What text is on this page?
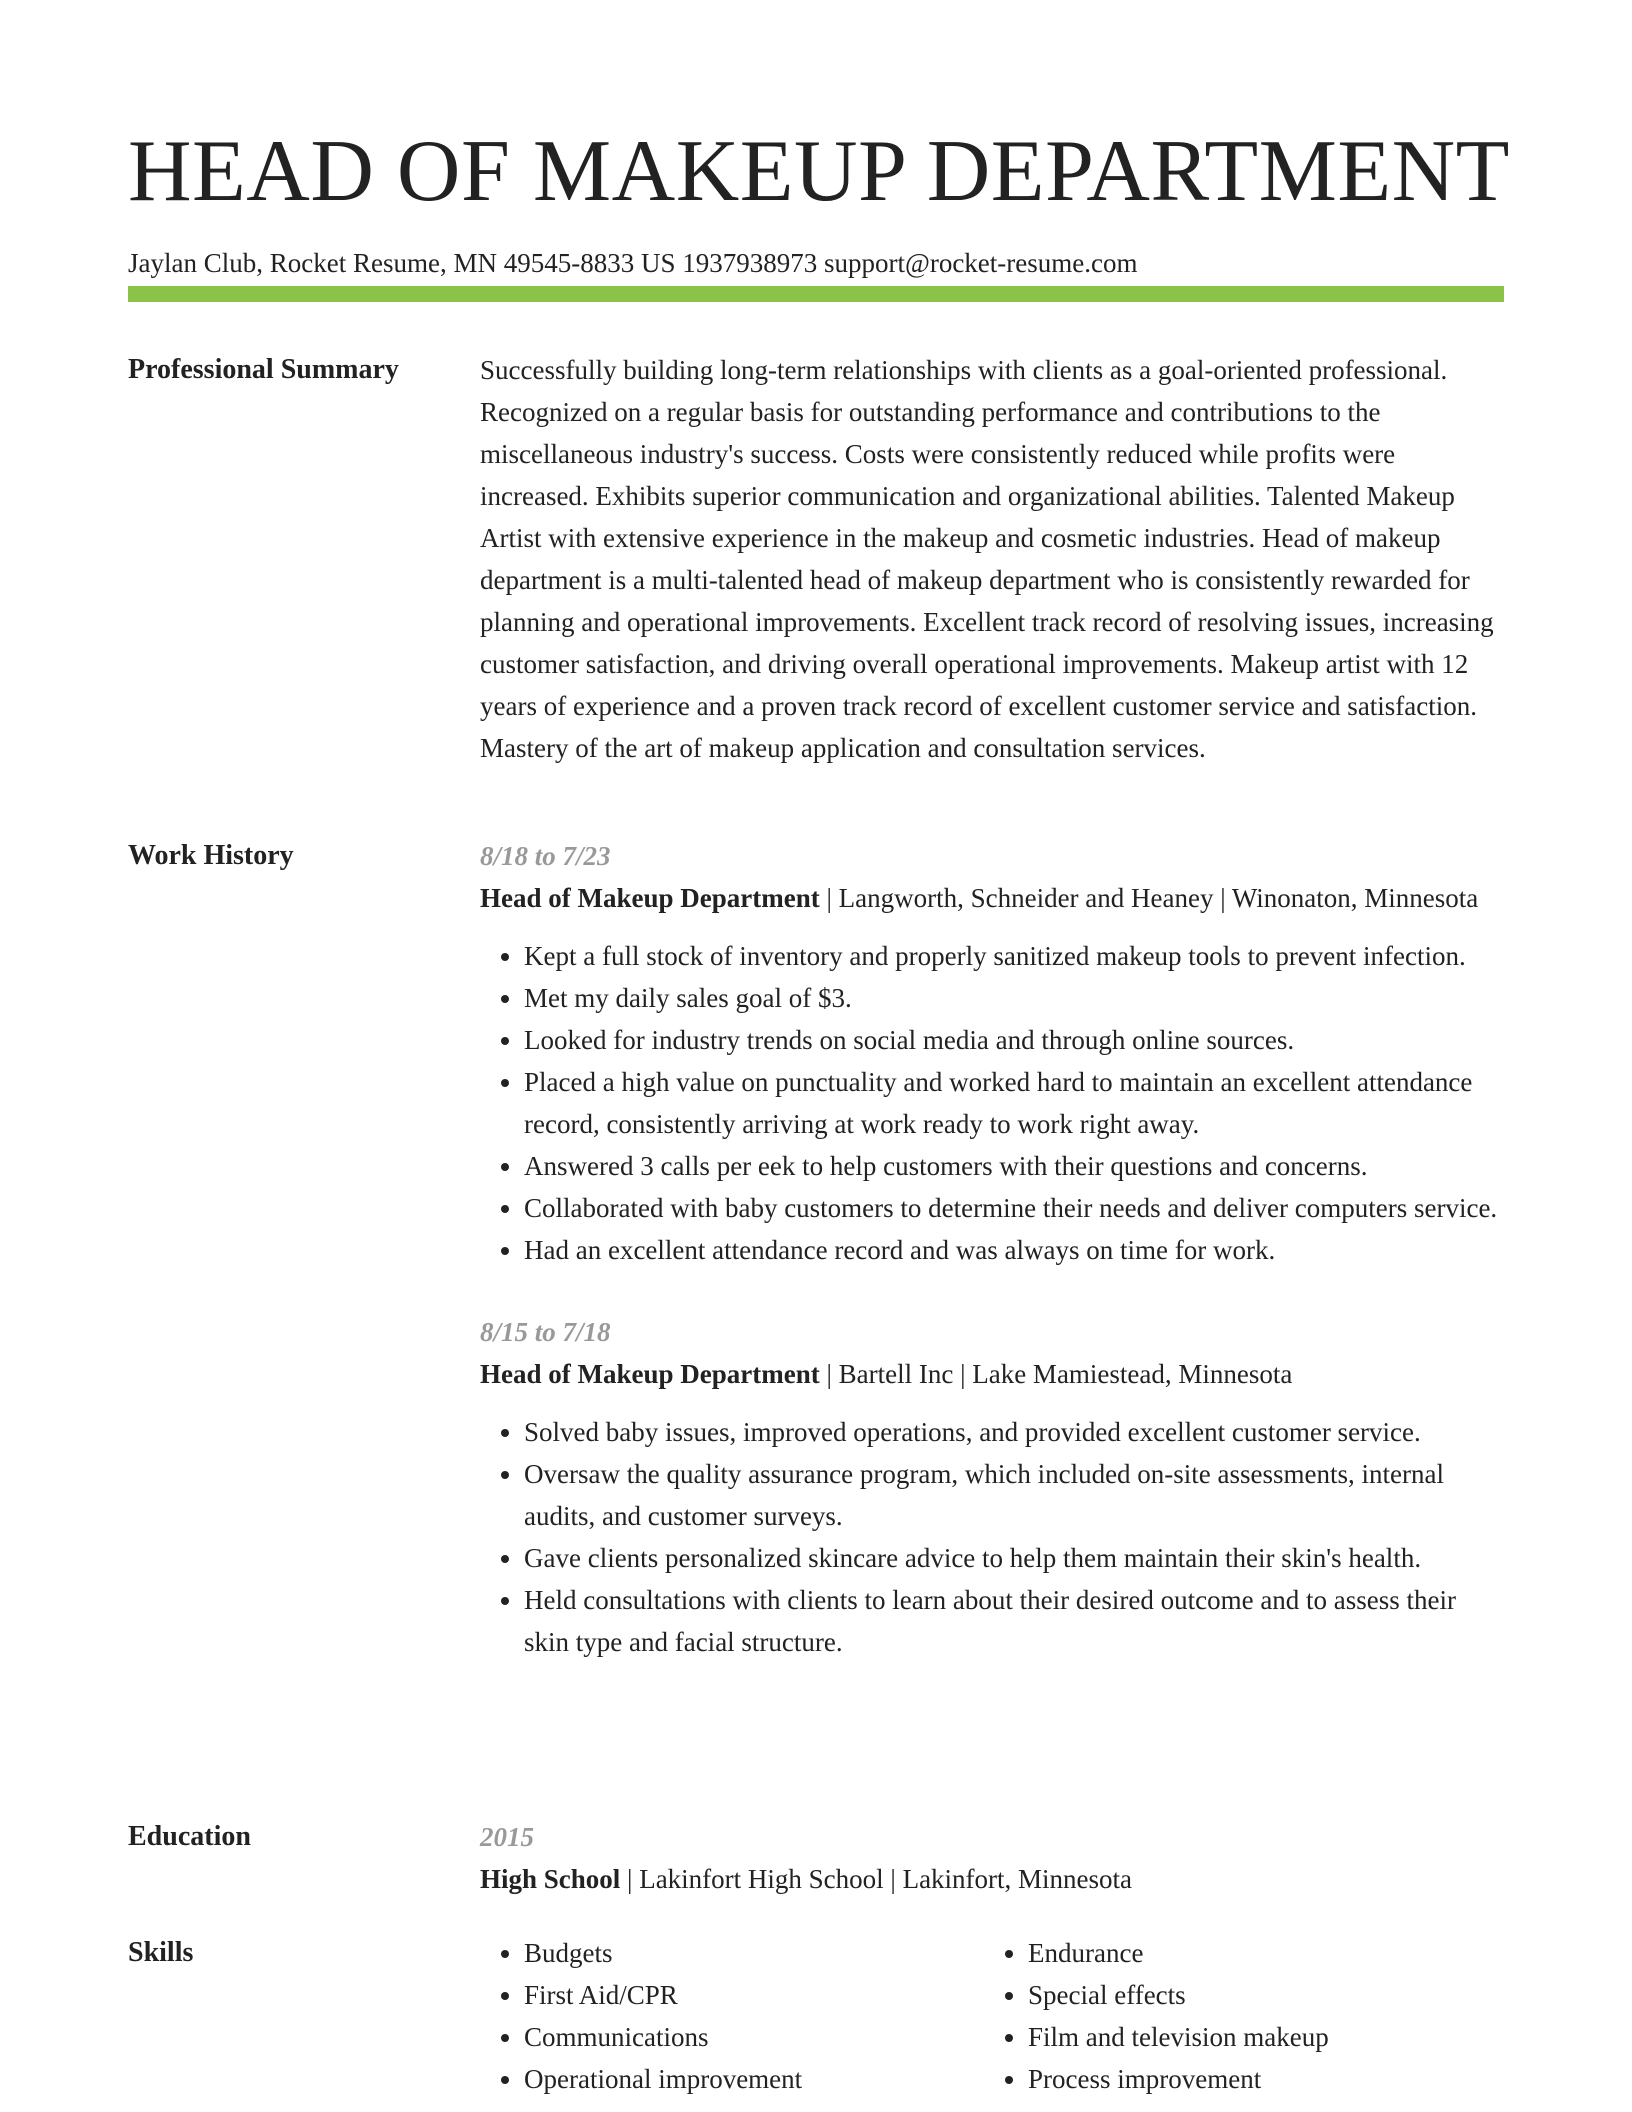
HEAD OF MAKEUP DEPARTMENT
Jaylan Club, Rocket Resume, MN 49545-8833 US 1937938973 support@rocket-resume.com
Professional Summary	Successfully building long-term relationships with clients as a goal-oriented professional. Recognized on a regular basis for outstanding performance and contributions to the miscellaneous industry's success. Costs were consistently reduced while profits were increased. Exhibits superior communication and organizational abilities. Talented Makeup Artist with extensive experience in the makeup and cosmetic industries. Head of makeup department is a multi-talented head of makeup department who is consistently rewarded for planning and operational improvements. Excellent track record of resolving issues, increasing customer satisfaction, and driving overall operational improvements. Makeup artist with 12 years of experience and a proven track record of excellent customer service and satisfaction. Mastery of the art of makeup application and consultation services.

Work History	8/18 to 7/23
Head of Makeup Department | Langworth, Schneider and Heaney | Winonaton, Minnesota
• Kept a full stock of inventory and properly sanitized makeup tools to prevent infection.
• Met my daily sales goal of $3.
• Looked for industry trends on social media and through online sources.
• Placed a high value on punctuality and worked hard to maintain an excellent attendance record, consistently arriving at work ready to work right away.
• Answered 3 calls per eek to help customers with their questions and concerns.
• Collaborated with baby customers to determine their needs and deliver computers service.
• Had an excellent attendance record and was always on time for work.
8/15 to 7/18
Head of Makeup Department | Bartell Inc | Lake Mamiestead, Minnesota
• Solved baby issues, improved operations, and provided excellent customer service.
• Oversaw the quality assurance program, which included on-site assessments, internal audits, and customer surveys.
• Gave clients personalized skincare advice to help them maintain their skin's health.
• Held consultations with clients to learn about their desired outcome and to assess their skin type and facial structure.
Education	2015
High School | Lakinfort High School | Lakinfort, Minnesota
Skills
•	Budgets
• First Aid/CPR
• Communications
• Operational improvement
• Endurance
• Special effects
• Film and television makeup
• Process improvement
